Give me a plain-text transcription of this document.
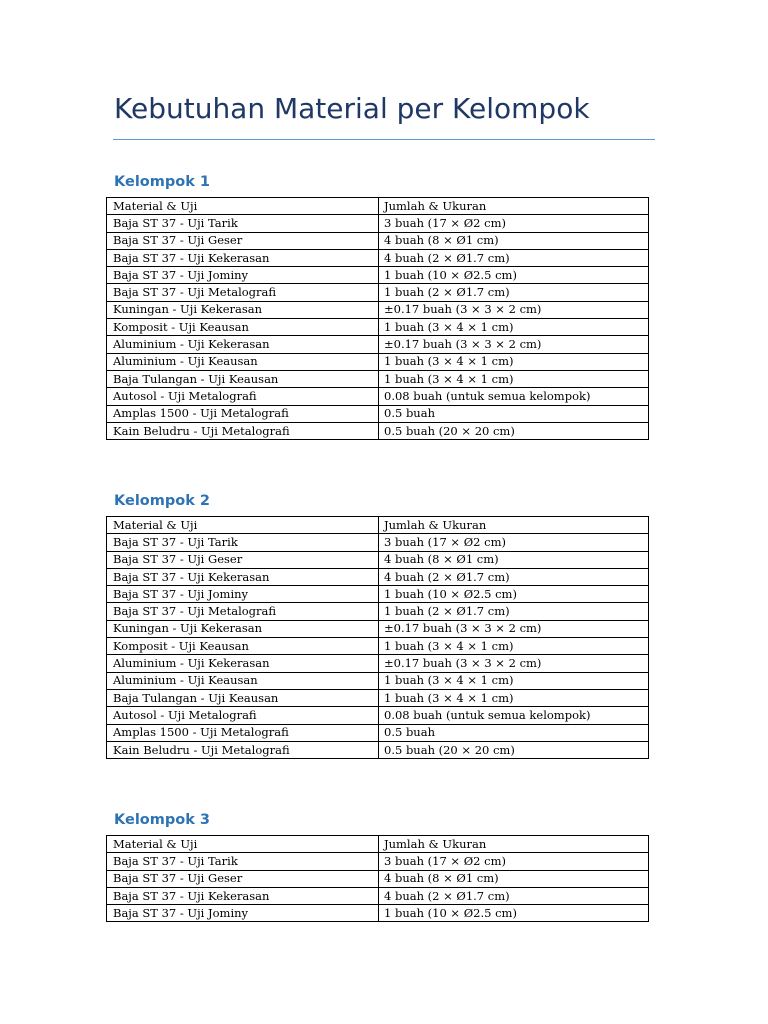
Kebutuhan Material per Kelompok
Kelompok 1
Material & Uji	Jumlah & Ukuran
Baja ST 37 - Uji Tarik	3 buah (17 × Ø2 cm)
Baja ST 37 - Uji Geser	4 buah (8 × Ø1 cm)
Baja ST 37 - Uji Kekerasan	4 buah (2 × Ø1.7 cm)
Baja ST 37 - Uji Jominy	1 buah (10 × Ø2.5 cm)
Baja ST 37 - Uji Metalografi	1 buah (2 × Ø1.7 cm)
Kuningan - Uji Kekerasan	±0.17 buah (3 × 3 × 2 cm)
Komposit - Uji Keausan	1 buah (3 × 4 × 1 cm)
Aluminium - Uji Kekerasan	±0.17 buah (3 × 3 × 2 cm)
Aluminium - Uji Keausan	1 buah (3 × 4 × 1 cm)
Baja Tulangan - Uji Keausan	1 buah (3 × 4 × 1 cm)
Autosol - Uji Metalografi	0.08 buah (untuk semua kelompok)
Amplas 1500 - Uji Metalografi	0.5 buah
Kain Beludru - Uji Metalografi	0.5 buah (20 × 20 cm)
Kelompok 2
Material & Uji	Jumlah & Ukuran
Baja ST 37 - Uji Tarik	3 buah (17 × Ø2 cm)
Baja ST 37 - Uji Geser	4 buah (8 × Ø1 cm)
Baja ST 37 - Uji Kekerasan	4 buah (2 × Ø1.7 cm)
Baja ST 37 - Uji Jominy	1 buah (10 × Ø2.5 cm)
Baja ST 37 - Uji Metalografi	1 buah (2 × Ø1.7 cm)
Kuningan - Uji Kekerasan	±0.17 buah (3 × 3 × 2 cm)
Komposit - Uji Keausan	1 buah (3 × 4 × 1 cm)
Aluminium - Uji Kekerasan	±0.17 buah (3 × 3 × 2 cm)
Aluminium - Uji Keausan	1 buah (3 × 4 × 1 cm)
Baja Tulangan - Uji Keausan	1 buah (3 × 4 × 1 cm)
Autosol - Uji Metalografi	0.08 buah (untuk semua kelompok)
Amplas 1500 - Uji Metalografi	0.5 buah
Kain Beludru - Uji Metalografi	0.5 buah (20 × 20 cm)
Kelompok 3
Material & Uji	Jumlah & Ukuran
Baja ST 37 - Uji Tarik	3 buah (17 × Ø2 cm)
Baja ST 37 - Uji Geser	4 buah (8 × Ø1 cm)
Baja ST 37 - Uji Kekerasan	4 buah (2 × Ø1.7 cm)
Baja ST 37 - Uji Jominy	1 buah (10 × Ø2.5 cm)
